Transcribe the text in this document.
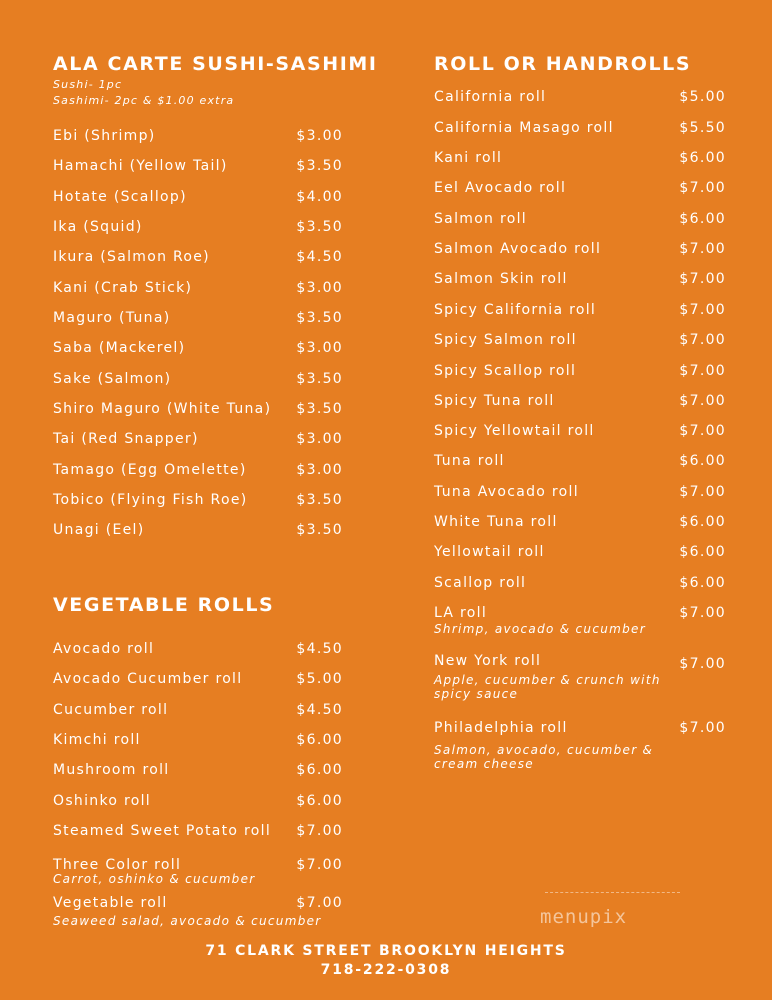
ALA CARTE SUSHI-SASHIMI
Sushi- 1pc
Sashimi- 2pc & $1.00 extra
Ebi (Shrimp)	$3.00
Hamachi (Yellow Tail)	$3.50
Hotate (Scallop)	$4.00
Ika (Squid)	$3.50
Ikura (Salmon Roe)	$4.50
Kani (Crab Stick)	$3.00
Maguro (Tuna)	$3.50
Saba (Mackerel)	$3.00
Sake (Salmon)	$3.50
Shiro Maguro (White Tuna) $3.50
Tai (Red Snapper)	$3.00
Tamago (Egg Omelette)	$3.00
Tobico (Flying Fish Roe)	$3.50
Unagi (Eel)	$3.50
VEGETABLE ROLLS
Avocado roll	$4.50
Avocado Cucumber roll	$5.00
Cucumber roll	$4.50
Kimchi roll	$6.00
Mushroom roll	$6.00
Oshinko roll	$6.00
Steamed Sweet Potato roll $7.00
Three Color roll	$7.00
Carrot, oshinko & cucumber
Vegetable roll	$7.00
Seaweed salad, avocado & cucumber
ROLL OR HANDROLLS
California roll	$5.00
California Masago roll	$5.50
Kani roll	$6.00
Eel Avocado roll	$7.00
Salmon roll	$6.00
Salmon Avocado roll	$7.00
Salmon Skin roll	$7.00
Spicy California roll	$7.00
Spicy Salmon roll	$7.00
Spicy Scallop roll	$7.00
Spicy Tuna roll	$7.00
Spicy Yellowtail roll	$7.00
Tuna roll	$6.00
Tuna Avocado roll	$7.00
White Tuna roll	$6.00
Yellowtail roll	$6.00
Scallop roll	$6.00
LA roll	$7.00
Shrimp, avocado & cucumber
New York roll	$7.00
Apple, cucumber & crunch with
spicy sauce
Philadelphia roll	$7.00
Salmon, avocado, cucumber &
cream cheese
menupix
71 CLARK STREET BROOKLYN HEIGHTS
718-222-0308
